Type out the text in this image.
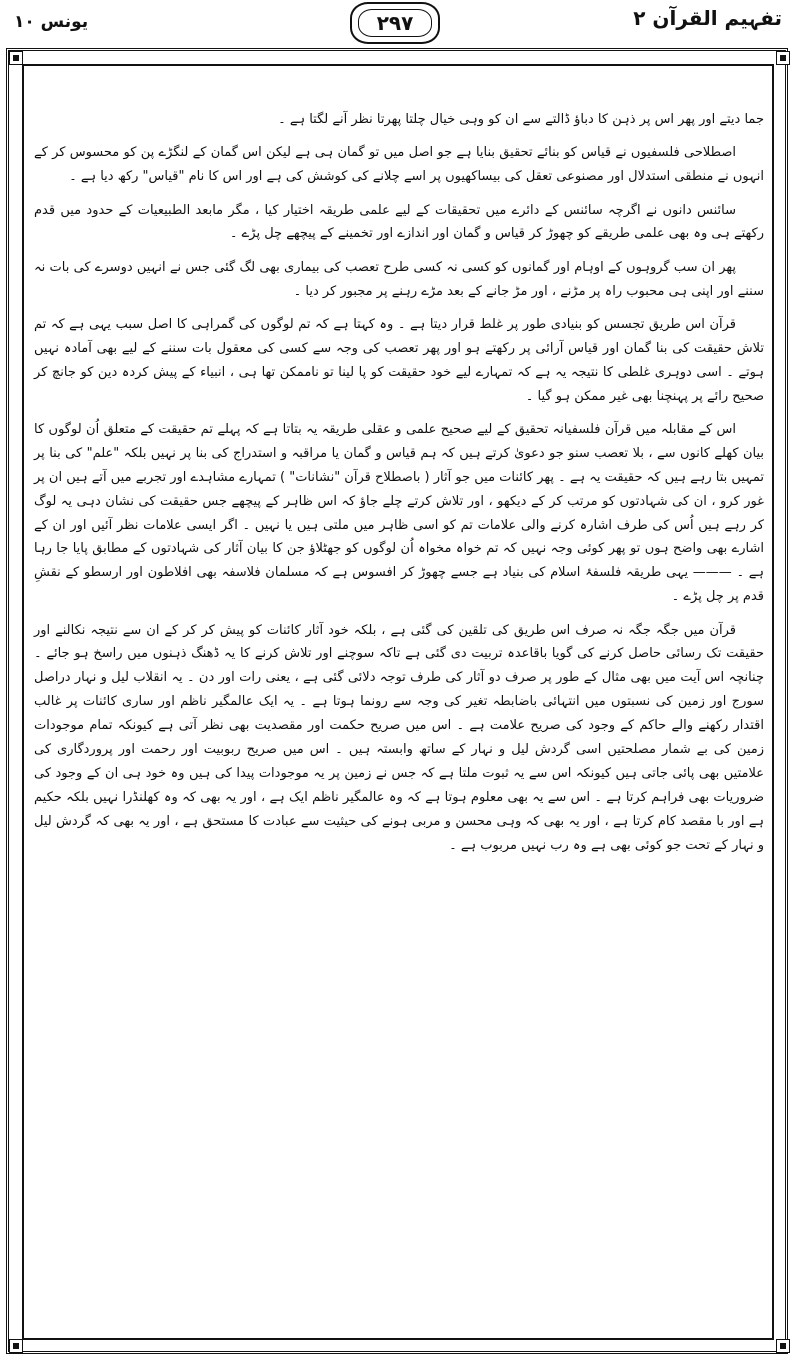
تفہیم القرآن ۲
۲۹۷
یونس ۱۰

جما دیتے اور پھر اس پر ذہن کا دباؤ ڈالتے سے ان کو وہی خیال چلتا پھرتا نظر آنے لگتا ہے ۔

اصطلاحی فلسفیوں نے قیاس کو بنائے تحقیق بنایا ہے جو اصل میں تو گمان ہی ہے لیکن اس گمان کے لنگڑے پن کو محسوس کر کے انہوں نے منطقی استدلال اور مصنوعی تعقل کی بیساکھیوں پر اسے چلانے کی کوشش کی ہے اور اس کا نام "قیاس" رکھ دیا ہے ۔

سائنس دانوں نے اگرچہ سائنس کے دائرے میں تحقیقات کے لیے علمی طریقہ اختیار کیا ، مگر مابعد الطبیعیات کے حدود میں قدم رکھتے ہی وہ بھی علمی طریقے کو چھوڑ کر قیاس و گمان اور اندازے اور تخمینے کے پیچھے چل پڑے ۔

پھر ان سب گروہوں کے اوہام اور گمانوں کو کسی نہ کسی طرح تعصب کی بیماری بھی لگ گئی جس نے انہیں دوسرے کی بات نہ سننے اور اپنی ہی محبوب راہ پر مڑنے ، اور مڑ جانے کے بعد مڑے رہنے پر مجبور کر دیا ۔

قرآن اس طریق تجسس کو بنیادی طور پر غلط قرار دیتا ہے ۔ وہ کہتا ہے کہ تم لوگوں کی گمراہی کا اصل سبب یہی ہے کہ تم تلاش حقیقت کی بنا گمان اور قیاس آرائی پر رکھتے ہو اور پھر تعصب کی وجہ سے کسی کی معقول بات سننے کے لیے بھی آمادہ نہیں ہوتے ۔ اسی دوہری غلطی کا نتیجہ یہ ہے کہ تمہارے لیے خود حقیقت کو پا لینا تو ناممکن تھا ہی ، انبیاء کے پیش کردہ دین کو جانچ کر صحیح رائے پر پہنچنا بھی غیر ممکن ہو گیا ۔

اس کے مقابلہ میں قرآن فلسفیانہ تحقیق کے لیے صحیح علمی و عقلی طریقہ یہ بتاتا ہے کہ پہلے تم حقیقت کے متعلق اُن لوگوں کا بیان کھلے کانوں سے ، بلا تعصب سنو جو دعویٰ کرتے ہیں کہ ہم قیاس و گمان یا مراقبہ و استدراج کی بنا پر نہیں بلکہ "علم" کی بنا پر تمہیں بتا رہے ہیں کہ حقیقت یہ ہے ۔ پھر کائنات میں جو آثار ( باصطلاح قرآن "نشانات" ) تمہارے مشاہدے اور تجربے میں آتے ہیں ان پر غور کرو ، ان کی شہادتوں کو مرتب کر کے دیکھو ، اور تلاش کرتے چلے جاؤ کہ اس ظاہر کے پیچھے جس حقیقت کی نشان دہی یہ لوگ کر رہے ہیں اُس کی طرف اشارہ کرنے والی علامات تم کو اسی ظاہر میں ملتی ہیں یا نہیں ۔ اگر ایسی علامات نظر آئیں اور ان کے اشارے بھی واضح ہوں تو پھر کوئی وجہ نہیں کہ تم خواہ مخواہ اُن لوگوں کو جھٹلاؤ جن کا بیان آثار کی شہادتوں کے مطابق پایا جا رہا ہے ۔ ——— یہی طریقہ فلسفۂ اسلام کی بنیاد ہے جسے چھوڑ کر افسوس ہے کہ مسلمان فلاسفہ بھی افلاطون اور ارسطو کے نقشِ قدم پر چل پڑے ۔

قرآن میں جگہ جگہ نہ صرف اس طریق کی تلقین کی گئی ہے ، بلکہ خود آثار کائنات کو پیش کر کر کے ان سے نتیجہ نکالنے اور حقیقت تک رسائی حاصل کرنے کی گویا باقاعدہ تربیت دی گئی ہے تاکہ سوچنے اور تلاش کرنے کا یہ ڈھنگ ذہنوں میں راسخ ہو جائے ۔ چنانچہ اس آیت میں بھی مثال کے طور پر صرف دو آثار کی طرف توجہ دلائی گئی ہے ، یعنی رات اور دن ۔ یہ انقلاب لیل و نہار دراصل سورج اور زمین کی نسبتوں میں انتہائی باضابطہ تغیر کی وجہ سے رونما ہوتا ہے ۔ یہ ایک عالمگیر ناظم اور ساری کائنات پر غالب اقتدار رکھنے والے حاکم کے وجود کی صریح علامت ہے ۔ اس میں صریح حکمت اور مقصدیت بھی نظر آتی ہے کیونکہ تمام موجودات زمین کی بے شمار مصلحتیں اسی گردش لیل و نہار کے ساتھ وابستہ ہیں ۔ اس میں صریح ربوبیت اور رحمت اور پروردگاری کی علامتیں بھی پائی جاتی ہیں کیونکہ اس سے یہ ثبوت ملتا ہے کہ جس نے زمین پر یہ موجودات پیدا کی ہیں وہ خود ہی ان کے وجود کی ضروریات بھی فراہم کرتا ہے ۔ اس سے یہ بھی معلوم ہوتا ہے کہ وہ عالمگیر ناظم ایک ہے ، اور یہ بھی کہ وہ کھلنڈرا نہیں بلکہ حکیم ہے اور با مقصد کام کرتا ہے ، اور یہ بھی کہ وہی محسن و مربی ہونے کی حیثیت سے عبادت کا مستحق ہے ، اور یہ بھی کہ گردش لیل و نہار کے تحت جو کوئی بھی ہے وہ رب نہیں مربوب ہے ۔
